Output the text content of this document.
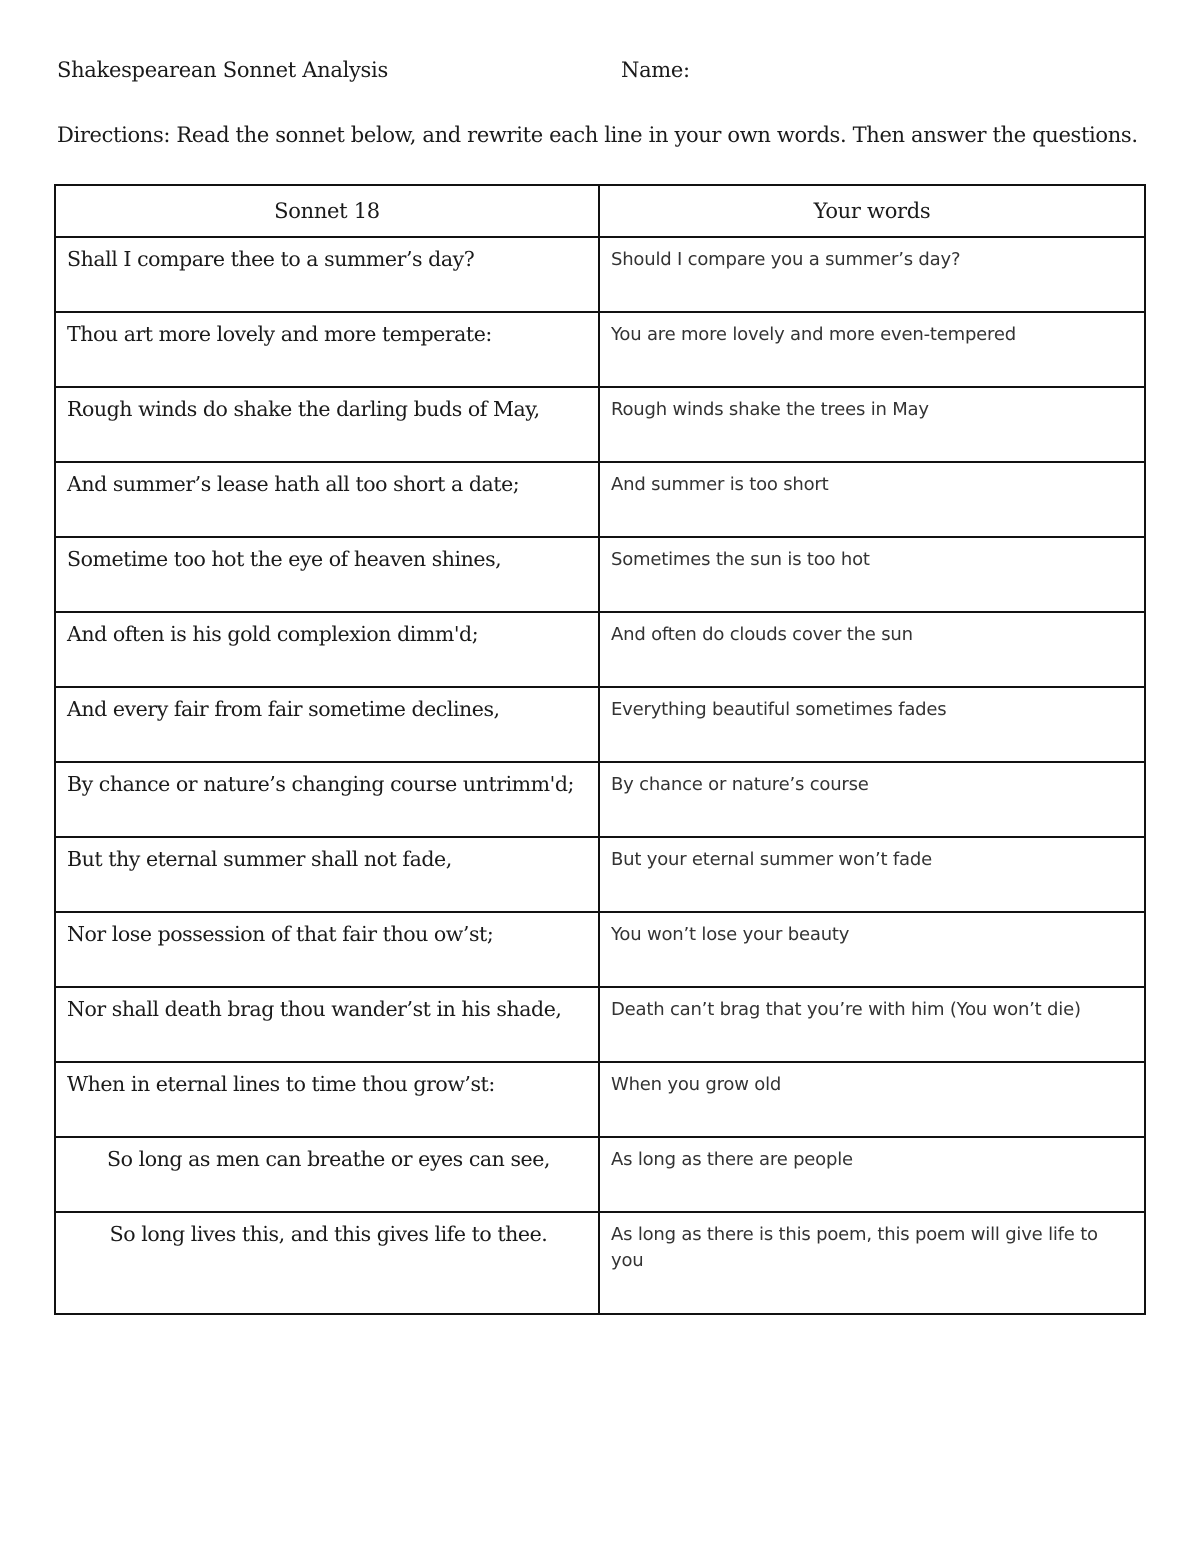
Shakespearean Sonnet Analysis	Name:
Directions: Read the sonnet below, and rewrite each line in your own words. Then answer the questions.
Sonnet 18	Your words
Shall I compare thee to a summer’s day?	Should I compare you a summer’s day?
Thou art more lovely and more temperate:	You are more lovely and more even-tempered
Rough winds do shake the darling buds of May,	Rough winds shake the trees in May
And summer’s lease hath all too short a date;	And summer is too short
Sometime too hot the eye of heaven shines,	Sometimes the sun is too hot
And often is his gold complexion dimm'd;	And often do clouds cover the sun
And every fair from fair sometime declines,	Everything beautiful sometimes fades
By chance or nature’s changing course untrimm'd;	By chance or nature’s course
But thy eternal summer shall not fade,	But your eternal summer won’t fade
Nor lose possession of that fair thou ow’st;	You won’t lose your beauty
Nor shall death brag thou wander’st in his shade,	Death can’t brag that you’re with him (You won’t die)
When in eternal lines to time thou grow’st:	When you grow old
So long as men can breathe or eyes can see,	As long as there are people
So long lives this, and this gives life to thee.	As long as there is this poem, this poem will give life to you
